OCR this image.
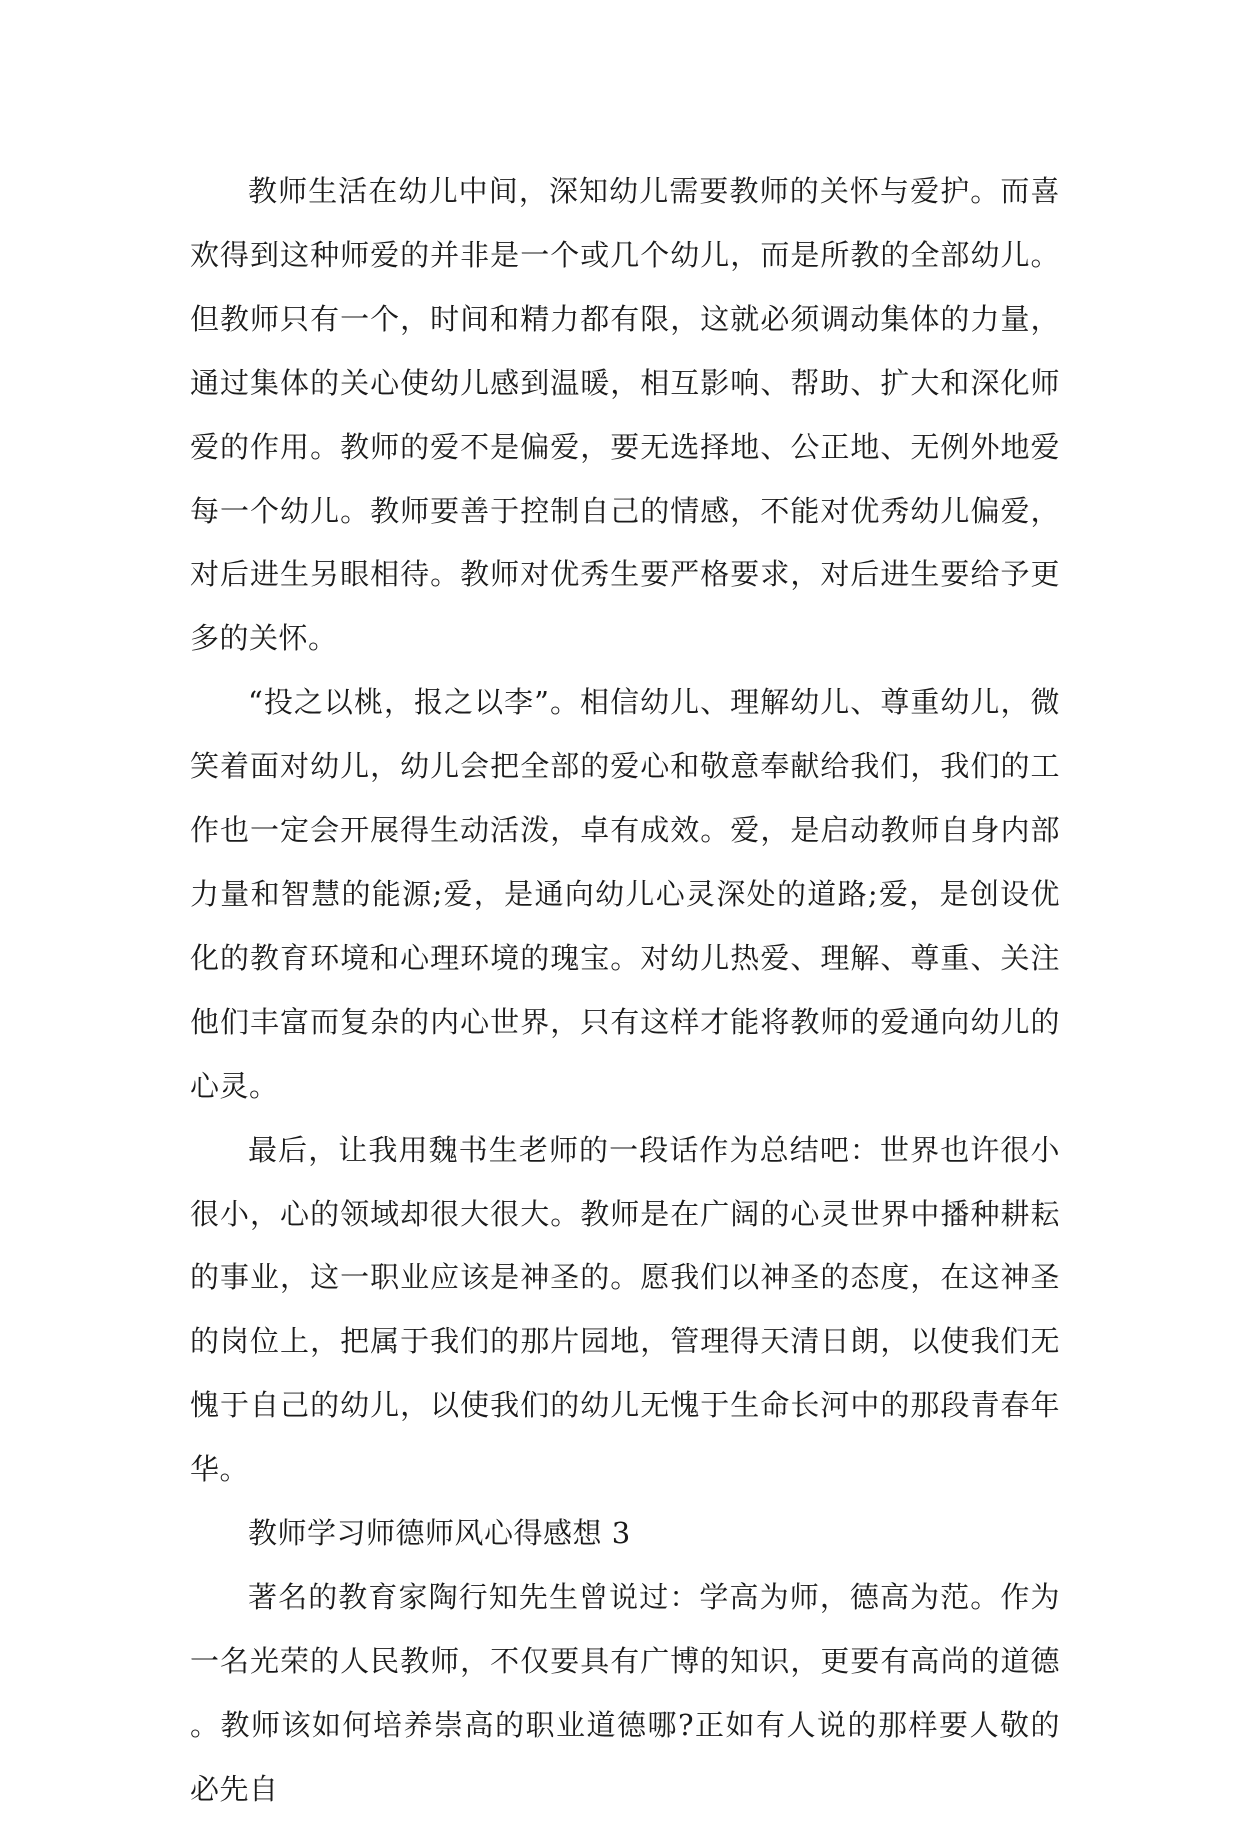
教师生活在幼儿中间，深知幼儿需要教师的关怀与爱护。而喜欢得到这种师爱的并非是一个或几个幼儿，而是所教的全部幼儿。但教师只有一个，时间和精力都有限，这就必须调动集体的力量，通过集体的关心使幼儿感到温暖，相互影响、帮助、扩大和深化师爱的作用。教师的爱不是偏爱，要无选择地、公正地、无例外地爱每一个幼儿。教师要善于控制自己的情感，不能对优秀幼儿偏爱，对后进生另眼相待。教师对优秀生要严格要求，对后进生要给予更多的关怀。

“投之以桃，报之以李”。相信幼儿、理解幼儿、尊重幼儿，微笑着面对幼儿，幼儿会把全部的爱心和敬意奉献给我们，我们的工作也一定会开展得生动活泼，卓有成效。爱，是启动教师自身内部力量和智慧的能源;爱，是通向幼儿心灵深处的道路;爱，是创设优化的教育环境和心理环境的瑰宝。对幼儿热爱、理解、尊重、关注他们丰富而复杂的内心世界，只有这样才能将教师的爱通向幼儿的心灵。

最后，让我用魏书生老师的一段话作为总结吧：世界也许很小很小，心的领域却很大很大。教师是在广阔的心灵世界中播种耕耘的事业，这一职业应该是神圣的。愿我们以神圣的态度，在这神圣的岗位上，把属于我们的那片园地，管理得天清日朗，以使我们无愧于自己的幼儿，以使我们的幼儿无愧于生命长河中的那段青春年华。

教师学习师德师风心得感想 3

著名的教育家陶行知先生曾说过：学高为师，德高为范。作为一名光荣的人民教师，不仅要具有广博的知识，更要有高尚的道德。教师该如何培养崇高的职业道德哪?正如有人说的那样要人敬的必先自
